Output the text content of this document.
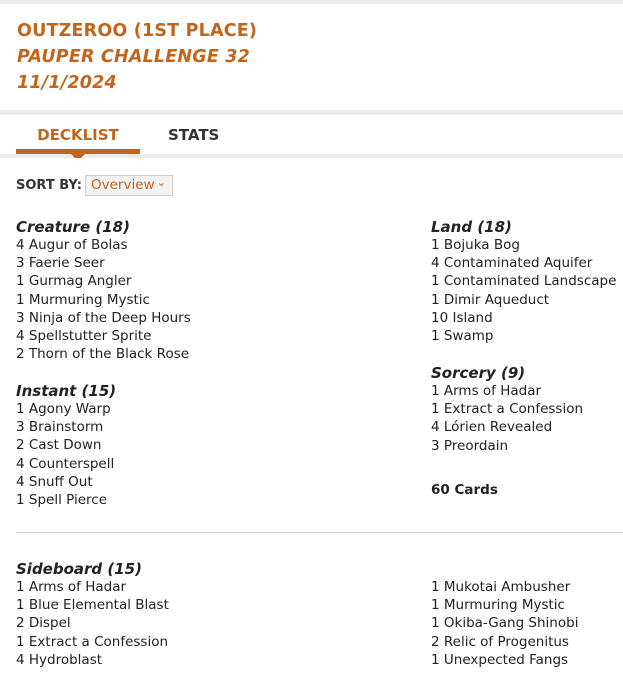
OUTZEROO (1ST PLACE)
PAUPER CHALLENGE 32
11/1/2024
DECKLIST	STATS
SORT BY: Overview ⌄
Creature (18)
4 Augur of Bolas
3 Faerie Seer
1 Gurmag Angler
1 Murmuring Mystic
3 Ninja of the Deep Hours
4 Spellstutter Sprite
2 Thorn of the Black Rose
Instant (15)
1 Agony Warp
3 Brainstorm
2 Cast Down
4 Counterspell
4 Snuff Out
1 Spell Pierce
Land (18)
1 Bojuka Bog
4 Contaminated Aquifer
1 Contaminated Landscape
1 Dimir Aqueduct
10 Island
1 Swamp
Sorcery (9)
1 Arms of Hadar
1 Extract a Confession
4 Lórien Revealed
3 Preordain
60 Cards
Sideboard (15)
1 Arms of Hadar
1 Blue Elemental Blast
2 Dispel
1 Extract a Confession
4 Hydroblast
1 Mukotai Ambusher
1 Murmuring Mystic
1 Okiba-Gang Shinobi
2 Relic of Progenitus
1 Unexpected Fangs
